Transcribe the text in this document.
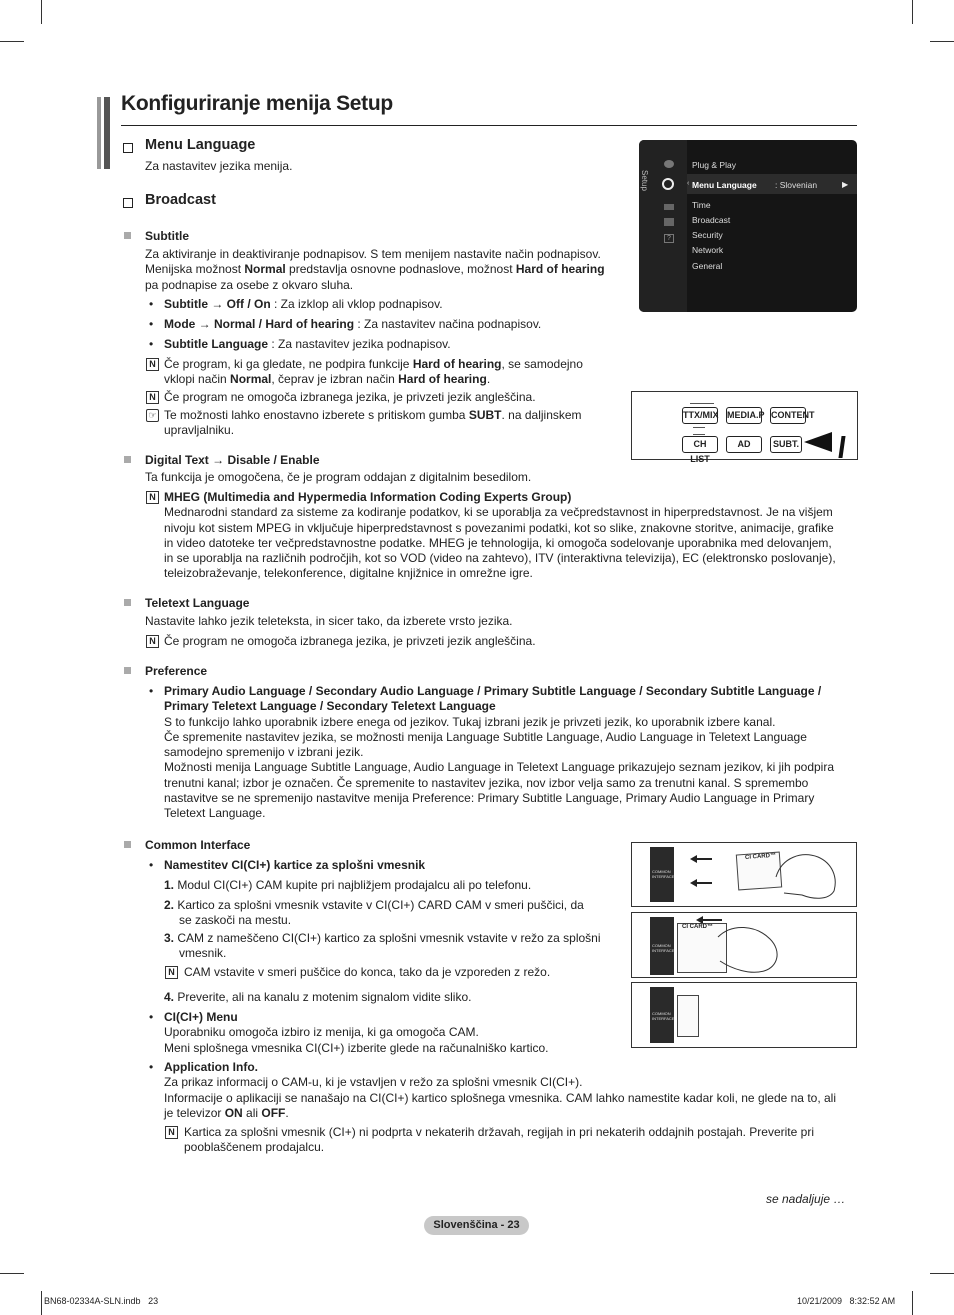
Konfiguriranje menija Setup
Menu Language
Za nastavitev jezika menija.
Broadcast
Subtitle
Za aktiviranje in deaktiviranje podnapisov. S tem menijem nastavite način podnapisov.
Menijska možnost Normal predstavlja osnovne podnaslove, možnost Hard of hearing
pa podnapise za osebe z okvaro sluha.
• Subtitle → Off / On : Za izklop ali vklop podnapisov.
• Mode → Normal / Hard of hearing : Za nastavitev načina podnapisov.
• Subtitle Language : Za nastavitev jezika podnapisov.
N Če program, ki ga gledate, ne podpira funkcije Hard of hearing, se samodejno
vklopi način Normal, čeprav je izbran način Hard of hearing.
N Če program ne omogoča izbranega jezika, je privzeti jezik angleščina.
☞ Te možnosti lahko enostavno izberete s pritiskom gumba SUBT. na daljinskem
upravljalniku.
Digital Text → Disable / Enable
Ta funkcija je omogočena, če je program oddajan z digitalnim besedilom.
N MHEG (Multimedia and Hypermedia Information Coding Experts Group)
Mednarodni standard za sisteme za kodiranje podatkov, ki se uporablja za večpredstavnost in hiperpredstavnost. Je na višjem
nivoju kot sistem MPEG in vključuje hiperpredstavnost s povezanimi podatki, kot so slike, znakovne storitve, animacije, grafike
in video datoteke ter večpredstavnostne podatke. MHEG je tehnologija, ki omogoča sodelovanje uporabnika med delovanjem,
in se uporablja na različnih področjih, kot so VOD (video na zahtevo), ITV (interaktivna televizija), EC (elektronsko poslovanje),
teleizobraževanje, telekonference, digitalne knjižnice in omrežne igre.
Teletext Language
Nastavite lahko jezik teleteksta, in sicer tako, da izberete vrsto jezika.
N Če program ne omogoča izbranega jezika, je privzeti jezik angleščina.
Preference
• Primary Audio Language / Secondary Audio Language / Primary Subtitle Language / Secondary Subtitle Language /
Primary Teletext Language / Secondary Teletext Language
S to funkcijo lahko uporabnik izbere enega od jezikov. Tukaj izbrani jezik je privzeti jezik, ko uporabnik izbere kanal.
Če spremenite nastavitev jezika, se možnosti menija Language Subtitle Language, Audio Language in Teletext Language
samodejno spremenijo v izbrani jezik.
Možnosti menija Language Subtitle Language, Audio Language in Teletext Language prikazujejo seznam jezikov, ki jih podpira
trenutni kanal; izbor je označen. Če spremenite to nastavitev jezika, nov izbor velja samo za trenutni kanal. S spremembo
nastavitve se ne spremenijo nastavitve menija Preference: Primary Subtitle Language, Primary Audio Language in Primary
Teletext Language.
Common Interface
• Namestitev CI(CI+) kartice za splošni vmesnik
1. Modul CI(CI+) CAM kupite pri najbližjem prodajalcu ali po telefonu.
2. Kartico za splošni vmesnik vstavite v CI(CI+) CARD CAM v smeri puščici, da
se zaskoči na mestu.
3. CAM z nameščeno CI(CI+) kartico za splošni vmesnik vstavite v režo za splošni
vmesnik.
N CAM vstavite v smeri puščice do konca, tako da je vzporeden z režo.
4. Preverite, ali na kanalu z motenim signalom vidite sliko.
• CI(CI+) Menu
Uporabniku omogoča izbiro iz menija, ki ga omogoča CAM.
Meni splošnega vmesnika CI(CI+) izberite glede na računalniško kartico.
• Application Info.
Za prikaz informacij o CAM-u, ki je vstavljen v režo za splošni vmesnik CI(CI+).
Informacije o aplikaciji se nanašajo na CI(CI+) kartico splošnega vmesnika. CAM lahko namestite kadar koli, ne glede na to, ali
je televizor ON ali OFF.
N Kartica za splošni vmesnik (CI+) ni podprta v nekaterih državah, regijah in pri nekaterih oddajnih postajah. Preverite pri
pooblaščenem prodajalcu.
Setup
?
‹
Plug & Play
Menu Language : Slovenian	▶
Time
Broadcast
Security
Network
General
TTX/MIX MEDIA.P CONTENT
CH LIST
AD	SUBT.
COMMON INTERFACE
CI CARD™
COMMON INTERFACE
CI CARD™
COMMON INTERFACE
se nadaljuje …
Slovenščina - 23
BN68-02334A-SLN.indb   23	10/21/2009   8:32:52 AM
